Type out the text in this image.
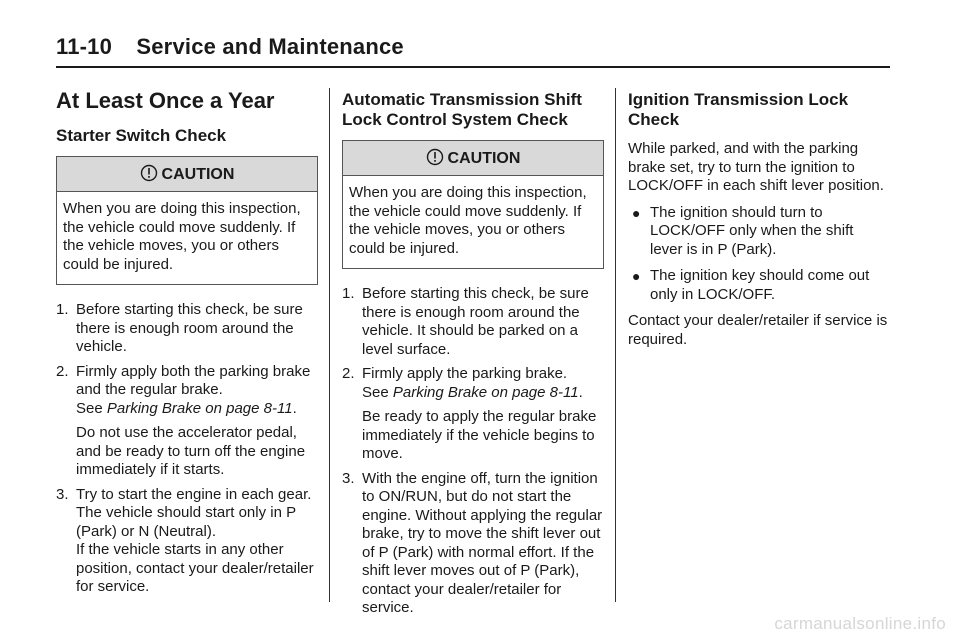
11-10 Service and Maintenance
At Least Once a Year
Starter Switch Check
CAUTION
When you are doing this inspection, the vehicle could move suddenly. If the vehicle moves, you or others could be injured.
1. Before starting this check, be sure there is enough room around the vehicle.
2. Firmly apply both the parking brake and the regular brake.
See Parking Brake on page 8-11.
Do not use the accelerator pedal, and be ready to turn off the engine immediately if it starts.
3. Try to start the engine in each gear. The vehicle should start only in P (Park) or N (Neutral).
If the vehicle starts in any other position, contact your dealer/retailer for service.
Automatic Transmission Shift Lock Control System Check
CAUTION
When you are doing this inspection, the vehicle could move suddenly. If the vehicle moves, you or others could be injured.
1. Before starting this check, be sure there is enough room around the vehicle. It should be parked on a level surface.
2. Firmly apply the parking brake.
See Parking Brake on page 8-11.
Be ready to apply the regular brake immediately if the vehicle begins to move.
3. With the engine off, turn the ignition to ON/RUN, but do not start the engine. Without applying the regular brake, try to move the shift lever out of P (Park) with normal effort. If the shift lever moves out of P (Park), contact your dealer/retailer for service.
Ignition Transmission Lock Check

While parked, and with the parking brake set, try to turn the ignition to LOCK/OFF in each shift lever position.

● The ignition should turn to LOCK/OFF only when the shift lever is in P (Park).
● The ignition key should come out only in LOCK/OFF.

Contact your dealer/retailer if service is required.

carmanualsonline.info
